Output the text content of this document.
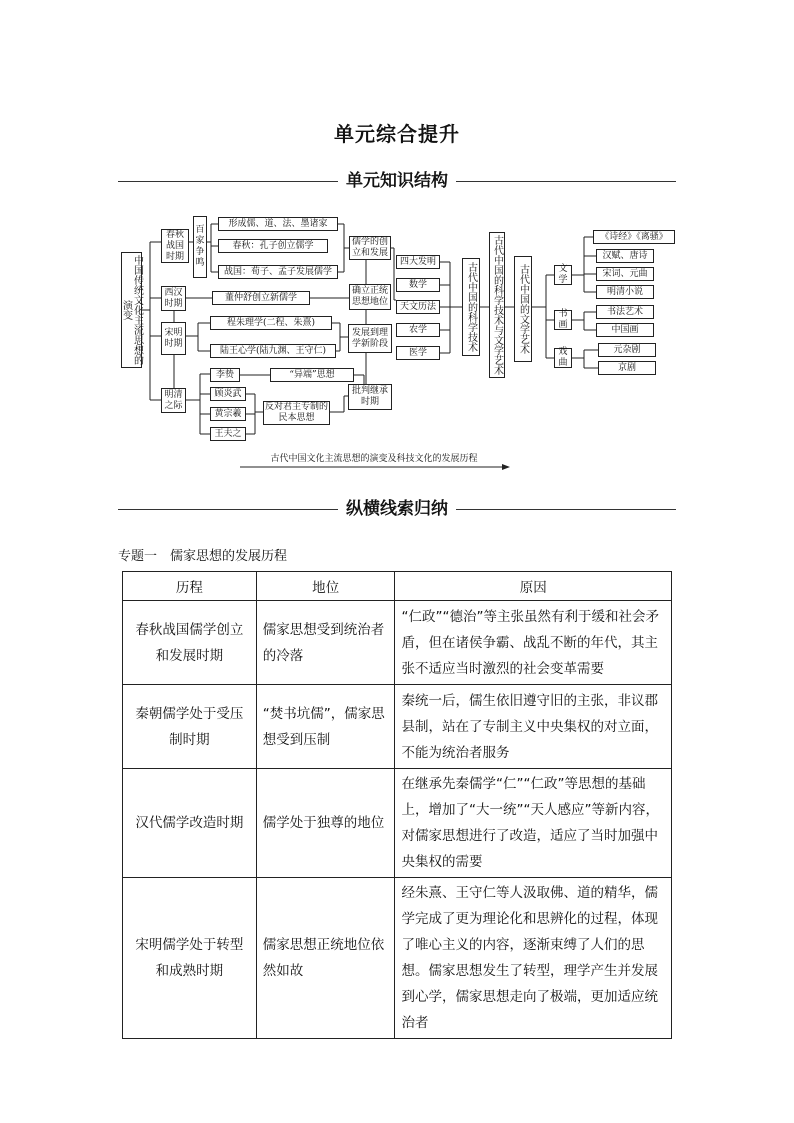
单元综合提升
单元知识结构
中国传统文化主流思想的演变
春秋战国时期
西汉时期
宋明时期
明清之际
百家争鸣
形成儒、道、法、墨诸家
春秋：孔子创立儒学
战国：荀子、孟子发展儒学
董仲舒创立新儒学
程朱理学(二程、朱熹)
陆王心学(陆九渊、王守仁)
李贽
顾炎武
黄宗羲
王夫之
“异端”思想
反对君主专制的民本思想
儒学的创立和发展
确立正统思想地位
发展到理学新阶段
批判继承时期
四大发明
数学
天文历法
农学
医学
古代中国的科学技术	古代中国的科学技术与文学艺术	古代中国的文学艺术	文学
书画
戏曲
《诗经》《离骚》
汉赋、唐诗
宋词、元曲
明清小说
书法艺术
中国画
元杂剧
京剧
古代中国文化主流思想的演变及科技文化的发展历程
纵横线索归纳
专题一　儒家思想的发展历程
历程	地位	原因
春秋战国儒学创立和发展时期	儒家思想受到统治者的冷落	“仁政”“德治”等主张虽然有利于缓和社会矛盾，但在诸侯争霸、战乱不断的年代，其主张不适应当时激烈的社会变革需要
秦朝儒学处于受压制时期	“焚书坑儒”，儒家思想受到压制	秦统一后，儒生依旧遵守旧的主张，非议郡县制，站在了专制主义中央集权的对立面，不能为统治者服务
汉代儒学改造时期	儒学处于独尊的地位	在继承先秦儒学“仁”“仁政”等思想的基础上，增加了“大一统”“天人感应”等新内容，对儒家思想进行了改造，适应了当时加强中央集权的需要
宋明儒学处于转型和成熟时期	儒家思想正统地位依然如故	经朱熹、王守仁等人汲取佛、道的精华，儒学完成了更为理论化和思辨化的过程，体现了唯心主义的内容，逐渐束缚了人们的思想。儒家思想发生了转型，理学产生并发展到心学，儒家思想走向了极端，更加适应统治者
